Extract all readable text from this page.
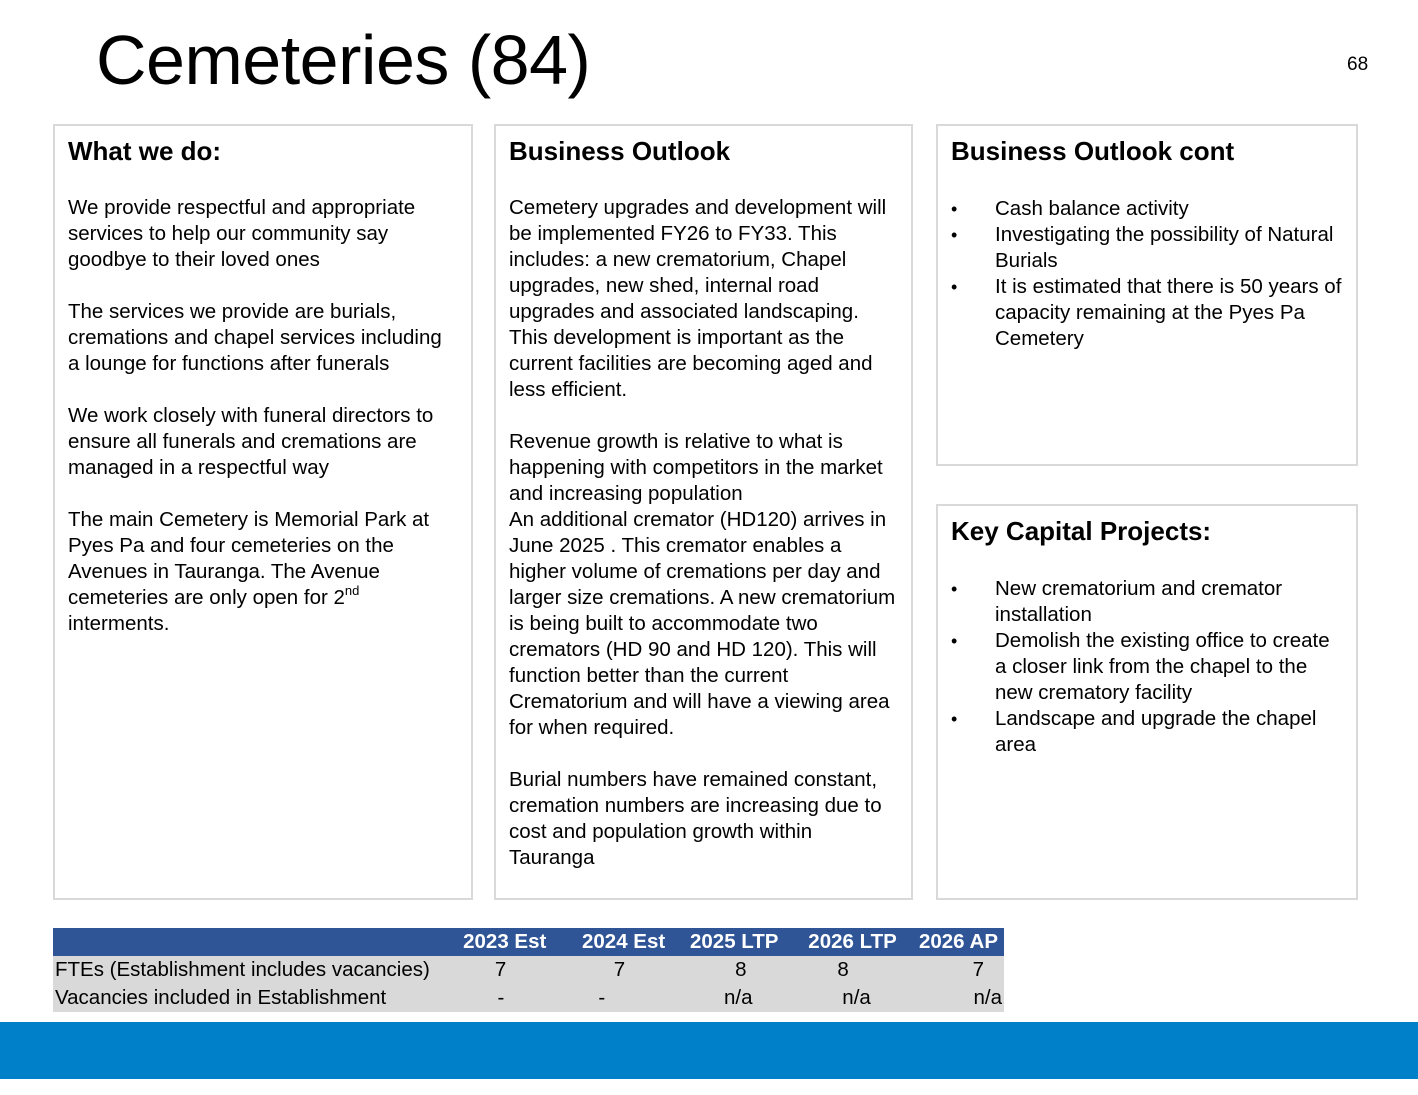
Cemeteries (84)	68
What we do:

We provide respectful and appropriate services to help our community say goodbye to their loved ones

The services we provide are burials, cremations and chapel services including a lounge for functions after funerals

We work closely with funeral directors to ensure all funerals and cremations are managed in a respectful way

The main Cemetery is Memorial Park at Pyes Pa and four cemeteries on the Avenues in Tauranga. The Avenue cemeteries are only open for 2nd interments.

Business Outlook

Cemetery upgrades and development will be implemented FY26 to FY33. This includes: a new crematorium, Chapel upgrades, new shed, internal road upgrades and associated landscaping. This development is important as the current facilities are becoming aged and less efficient.

Revenue growth is relative to what is happening with competitors in the market and increasing population

An additional cremator (HD120) arrives in June 2025 . This cremator enables a higher volume of cremations per day and larger size cremations. A new crematorium is being built to accommodate two cremators (HD 90 and HD 120). This will function better than the current Crematorium and will have a viewing area for when required.

Burial numbers have remained constant, cremation numbers are increasing due to cost and population growth within Tauranga

Business Outlook cont
•	Cash balance activity
•	Investigating the possibility of Natural Burials
•	It is estimated that there is 50 years of capacity remaining at the Pyes Pa Cemetery
Key Capital Projects:
•	New crematorium and cremator installation
•	Demolish the existing office to create a closer link from the chapel to the new crematory facility
•	Landscape and upgrade the chapel area
	2023 Est	2024 Est	2025 LTP	2026 LTP	2026 AP
FTEs (Establishment includes vacancies)	7	7	8	8	7
Vacancies included in Establishment	-	-	n/a	n/a	n/a
